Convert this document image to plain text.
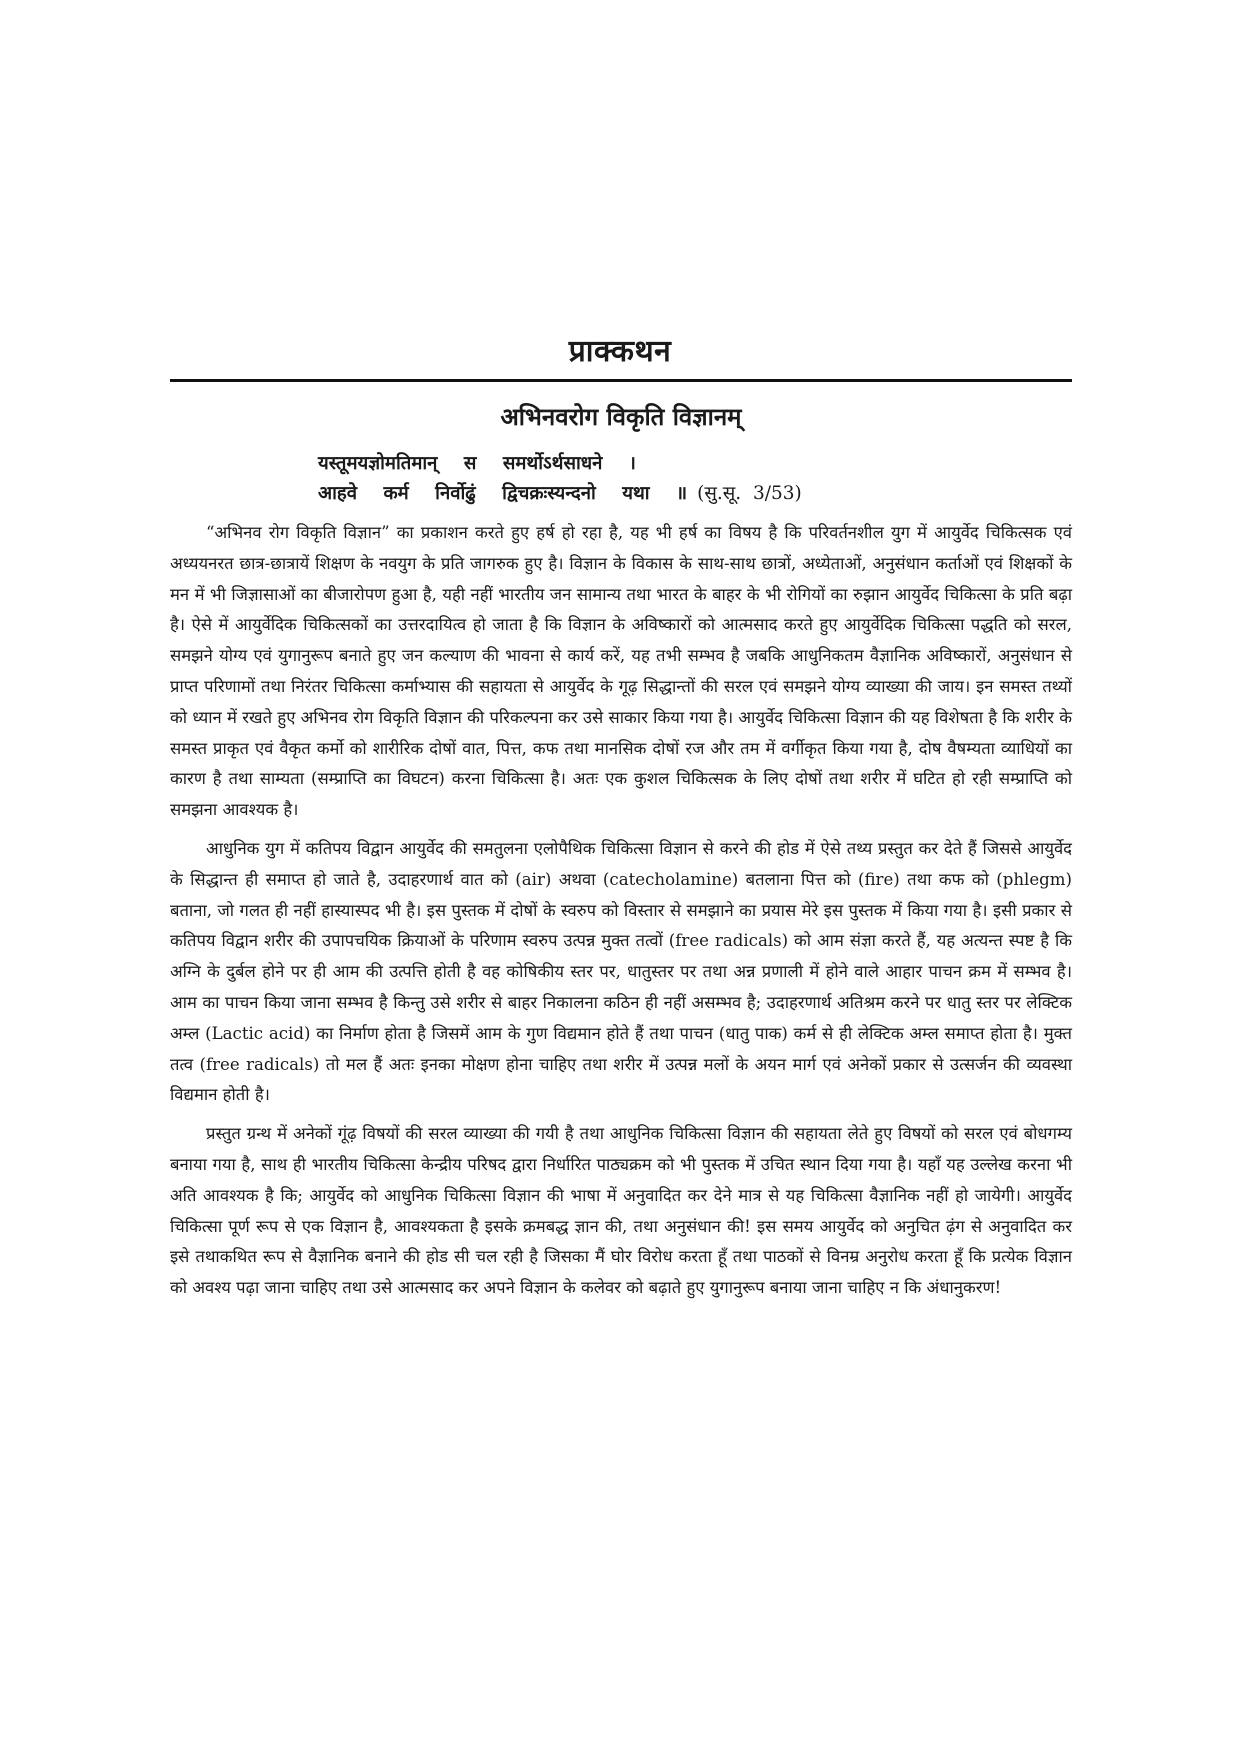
प्राक्कथन
अभिनवरोग विकृति विज्ञानम्
यस्तूमयज्ञोमतिमान् स समर्थोऽर्थसाधने ।
आहवे कर्म निर्वोढुं द्विचक्रःस्यन्दनो यथा ॥ (सु.सू. 3/53)

“अभिनव रोग विकृति विज्ञान” का प्रकाशन करते हुए हर्ष हो रहा है, यह भी हर्ष का विषय है कि परिवर्तनशील युग में आयुर्वेद चिकित्सक एवं अध्ययनरत छात्र-छात्रायें शिक्षण के नवयुग के प्रति जागरुक हुए है। विज्ञान के विकास के साथ-साथ छात्रों, अध्येताओं, अनुसंधान कर्ताओं एवं शिक्षकों के मन में भी जिज्ञासाओं का बीजारोपण हुआ है, यही नहीं भारतीय जन सामान्य तथा भारत के बाहर के भी रोगियों का रुझान आयुर्वेद चिकित्सा के प्रति बढ़ा है। ऐसे में आयुर्वेदिक चिकित्सकों का उत्तरदायित्व हो जाता है कि विज्ञान के अविष्कारों को आत्मसाद करते हुए आयुर्वेदिक चिकित्सा पद्धति को सरल, समझने योग्य एवं युगानुरूप बनाते हुए जन कल्याण की भावना से कार्य करें, यह तभी सम्भव है जबकि आधुनिकतम वैज्ञानिक अविष्कारों, अनुसंधान से प्राप्त परिणामों तथा निरंतर चिकित्सा कर्माभ्यास की सहायता से आयुर्वेद के गूढ़ सिद्धान्तों की सरल एवं समझने योग्य व्याख्या की जाय। इन समस्त तथ्यों को ध्यान में रखते हुए अभिनव रोग विकृति विज्ञान की परिकल्पना कर उसे साकार किया गया है। आयुर्वेद चिकित्सा विज्ञान की यह विशेषता है कि शरीर के समस्त प्राकृत एवं वैकृत कर्मो को शारीरिक दोषों वात, पित्त, कफ तथा मानसिक दोषों रज और तम में वर्गीकृत किया गया है, दोष वैषम्यता व्याधियों का कारण है तथा साम्यता (सम्प्राप्ति का विघटन) करना चिकित्सा है। अतः एक कुशल चिकित्सक के लिए दोषों तथा शरीर में घटित हो रही सम्प्राप्ति को समझना आवश्यक है।

आधुनिक युग में कतिपय विद्वान आयुर्वेद की समतुलना एलोपैथिक चिकित्सा विज्ञान से करने की होड में ऐसे तथ्य प्रस्तुत कर देते हैं जिससे आयुर्वेद के सिद्धान्त ही समाप्त हो जाते है, उदाहरणार्थ वात को (air) अथवा (catecholamine) बतलाना पित्त को (fire) तथा कफ को (phlegm) बताना, जो गलत ही नहीं हास्यास्पद भी है। इस पुस्तक में दोषों के स्वरुप को विस्तार से समझाने का प्रयास मेरे इस पुस्तक में किया गया है। इसी प्रकार से कतिपय विद्वान शरीर की उपापचयिक क्रियाओं के परिणाम स्वरुप उत्पन्न मुक्त तत्वों (free radicals) को आम संज्ञा करते हैं, यह अत्यन्त स्पष्ट है कि अग्नि के दुर्बल होने पर ही आम की उत्पत्ति होती है वह कोषिकीय स्तर पर, धातुस्तर पर तथा अन्न प्रणाली में होने वाले आहार पाचन क्रम में सम्भव है। आम का पाचन किया जाना सम्भव है किन्तु उसे शरीर से बाहर निकालना कठिन ही नहीं असम्भव है; उदाहरणार्थ अतिश्रम करने पर धातु स्तर पर लेक्टिक अम्ल (Lactic acid) का निर्माण होता है जिसमें आम के गुण विद्यमान होते हैं तथा पाचन (धातु पाक) कर्म से ही लेक्टिक अम्ल समाप्त होता है। मुक्त तत्व (free radicals) तो मल हैं अतः इनका मोक्षण होना चाहिए तथा शरीर में उत्पन्न मलों के अयन मार्ग एवं अनेकों प्रकार से उत्सर्जन की व्यवस्था विद्यमान होती है।

प्रस्तुत ग्रन्थ में अनेकों गूंढ़ विषयों की सरल व्याख्या की गयी है तथा आधुनिक चिकित्सा विज्ञान की सहायता लेते हुए विषयों को सरल एवं बोधगम्य बनाया गया है, साथ ही भारतीय चिकित्सा केन्द्रीय परिषद द्वारा निर्धारित पाठ्यक्रम को भी पुस्तक में उचित स्थान दिया गया है। यहाँ यह उल्लेख करना भी अति आवश्यक है कि; आयुर्वेद को आधुनिक चिकित्सा विज्ञान की भाषा में अनुवादित कर देने मात्र से यह चिकित्सा वैज्ञानिक नहीं हो जायेगी। आयुर्वेद चिकित्सा पूर्ण रूप से एक विज्ञान है, आवश्यकता है इसके क्रमबद्ध ज्ञान की, तथा अनुसंधान की! इस समय आयुर्वेद को अनुचित ढ़ंग से अनुवादित कर इसे तथाकथित रूप से वैज्ञानिक बनाने की होड सी चल रही है जिसका मैं घोर विरोध करता हूँ तथा पाठकों से विनम्र अनुरोध करता हूँ कि प्रत्येक विज्ञान को अवश्य पढ़ा जाना चाहिए तथा उसे आत्मसाद कर अपने विज्ञान के कलेवर को बढ़ाते हुए युगानुरूप बनाया जाना चाहिए न कि अंधानुकरण!
